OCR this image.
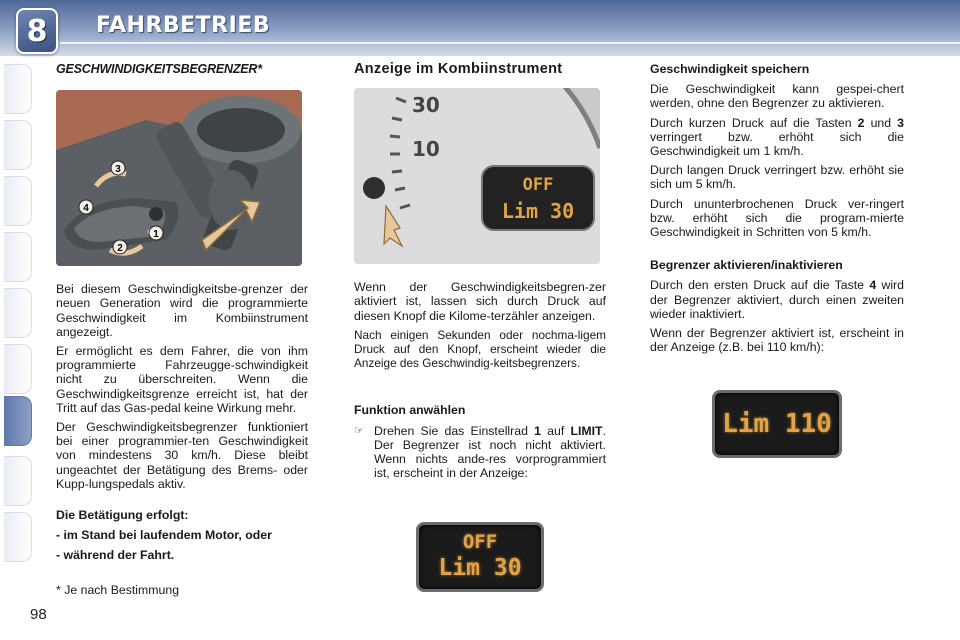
8 FAHRBETRIEB
GESCHWINDIGKEITSBEGRENZER*
3
4
2
1

Bei diesem Geschwindigkeitsbe-grenzer der neuen Generation wird die programmierte Geschwindigkeit im Kombiinstrument angezeigt.

Er ermöglicht es dem Fahrer, die von ihm programmierte Fahrzeugge-schwindigkeit nicht zu überschreiten. Wenn die Geschwindigkeitsgrenze erreicht ist, hat der Tritt auf das Gas-pedal keine Wirkung mehr.

Der Geschwindigkeitsbegrenzer funktioniert bei einer programmier-ten Geschwindigkeit von mindestens 30 km/h. Diese bleibt ungeachtet der Betätigung des Brems- oder Kupp-lungspedals aktiv.

Die Betätigung erfolgt:
- im Stand bei laufendem Motor, oder
- während der Fahrt.
* Je nach Bestimmung
Anzeige im Kombiinstrument
30
10
OFF
Lim 30

Wenn der Geschwindigkeitsbegren-zer aktiviert ist, lassen sich durch Druck auf diesen Knopf die Kilome-terzähler anzeigen.

Nach einigen Sekunden oder nochma-ligem Druck auf den Knopf, erscheint wieder die Anzeige des Geschwindig-keitsbegrenzers.

Funktion anwählen
☞ Drehen Sie das Einstellrad 1 auf LIMIT. Der Begrenzer ist noch nicht aktiviert. Wenn nichts ande-res vorprogrammiert ist, erscheint in der Anzeige:

OFF
Lim 30
Geschwindigkeit speichern

Die Geschwindigkeit kann gespei-chert werden, ohne den Begrenzer zu aktivieren.

Durch kurzen Druck auf die Tasten 2 und 3 verringert bzw. erhöht sich die Geschwindigkeit um 1 km/h.

Durch langen Druck verringert bzw. erhöht sie sich um 5 km/h.

Durch ununterbrochenen Druck ver-ringert bzw. erhöht sich die program-mierte Geschwindigkeit in Schritten von 5 km/h.

Begrenzer aktivieren/inaktivieren

Durch den ersten Druck auf die Taste 4 wird der Begrenzer aktiviert, durch einen zweiten wieder inaktiviert.

Wenn der Begrenzer aktiviert ist, erscheint in der Anzeige (z.B. bei 110 km/h):

Lim 110
98
